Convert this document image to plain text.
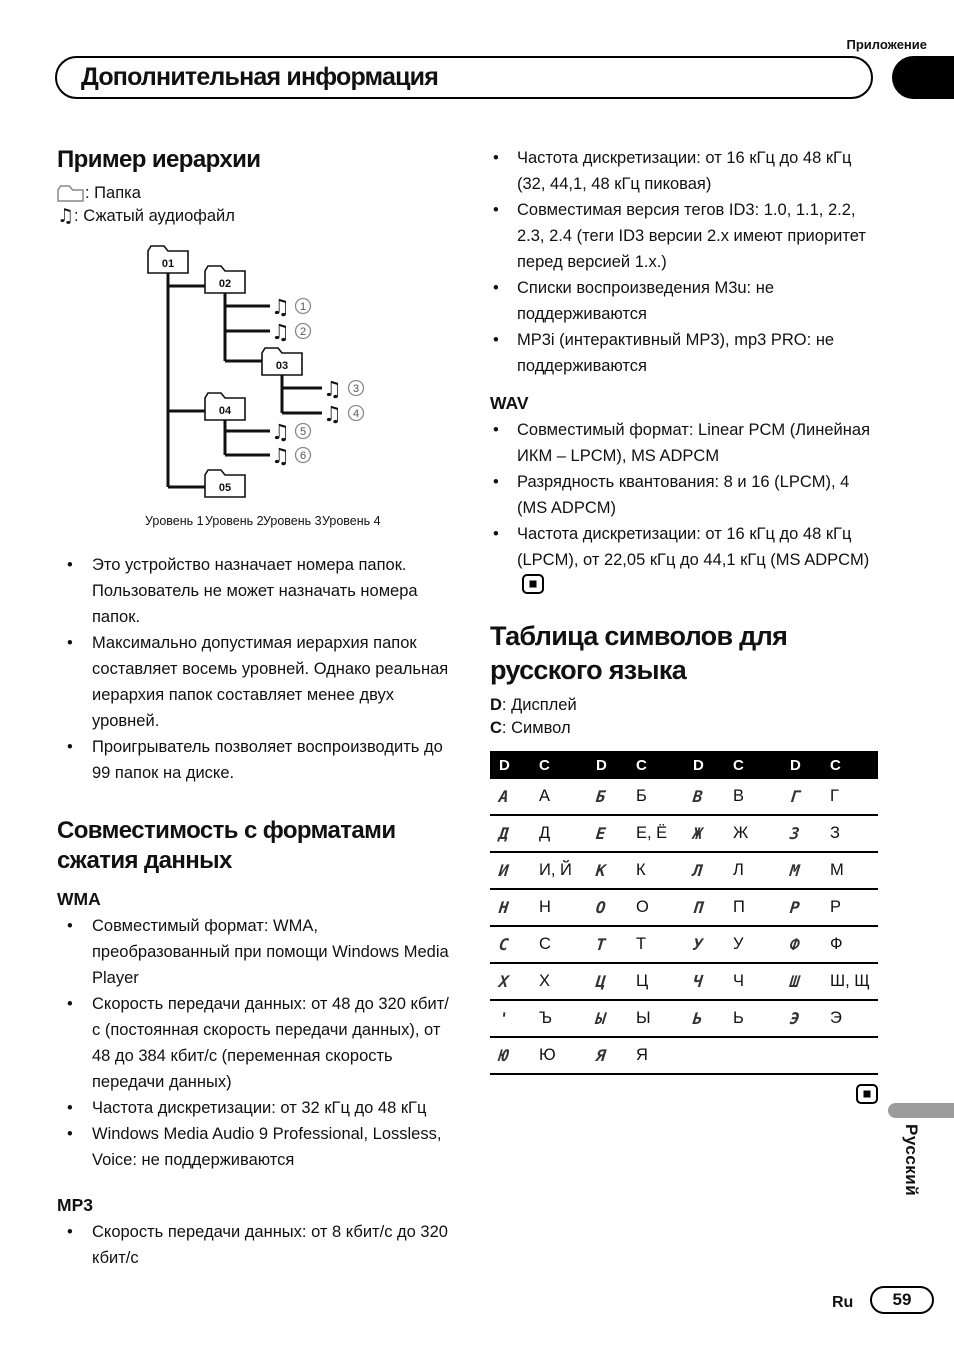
Приложение
Дополнительная информация
Русский
Ru 59
Пример иерархии
: Папка
♫ : Сжатый аудиофайл
01
02
03
04
05
♫ 1
♫ 2
♫ 3
♫ 4
♫ 5
♫ 6
Уровень 1 Уровень 2 Уровень 3 Уровень 4
• Это устройство назначает номера папок. Пользователь не может назначать номера папок.
• Максимально допустимая иерархия папок составляет восемь уровней. Однако реальная иерархия папок составляет менее двух уровней.
• Проигрыватель позволяет воспроизводить до 99 папок на диске.
Совместимость с форматами сжатия данных
WMA
• Совместимый формат: WMA, преобразованный при помощи Windows Media Player
• Скорость передачи данных: от 48 до 320 кбит/с (постоянная скорость передачи данных), от 48 до 384 кбит/с (переменная скорость передачи данных)
• Частота дискретизации: от 32 кГц до 48 кГц
• Windows Media Audio 9 Professional, Lossless, Voice: не поддерживаются
MP3
• Скорость передачи данных: от 8 кбит/с до 320 кбит/с
• Частота дискретизации: от 16 кГц до 48 кГц (32, 44,1, 48 кГц пиковая)
• Совместимая версия тегов ID3: 1.0, 1.1, 2.2, 2.3, 2.4 (теги ID3 версии 2.x имеют приоритет перед версией 1.x.)
• Списки воспроизведения M3u: не поддерживаются
• MP3i (интерактивный MP3), mp3 PRO: не поддерживаются
WAV
• Совместимый формат: Linear PCM (Линейная ИКМ – LPCM), MS ADPCM
• Разрядность квантования: 8 и 16 (LPCM), 4 (MS ADPCM)
• Частота дискретизации: от 16 кГц до 48 кГц (LPCM), от 22,05 кГц до 44,1 кГц (MS ADPCM)
Таблица символов для русского языка
D: Дисплей
C: Символ
D	C	D	C	D	C	D	C
А	А	Б	Б	В	В	Г	Г
Д	Д	Е	Е, Ё	Ж	Ж	З	З
И	И, Й	К	К	Л	Л	М	М
Н	Н	О	О	П	П	Р	Р
С	С	Т	Т	У	У	Ф	Ф
Х	Х	Ц	Ц	Ч	Ч	Ш	Ш, Щ
'	Ъ	Ы	Ы	Ь	Ь	Э	Э
Ю	Ю	Я	Я
